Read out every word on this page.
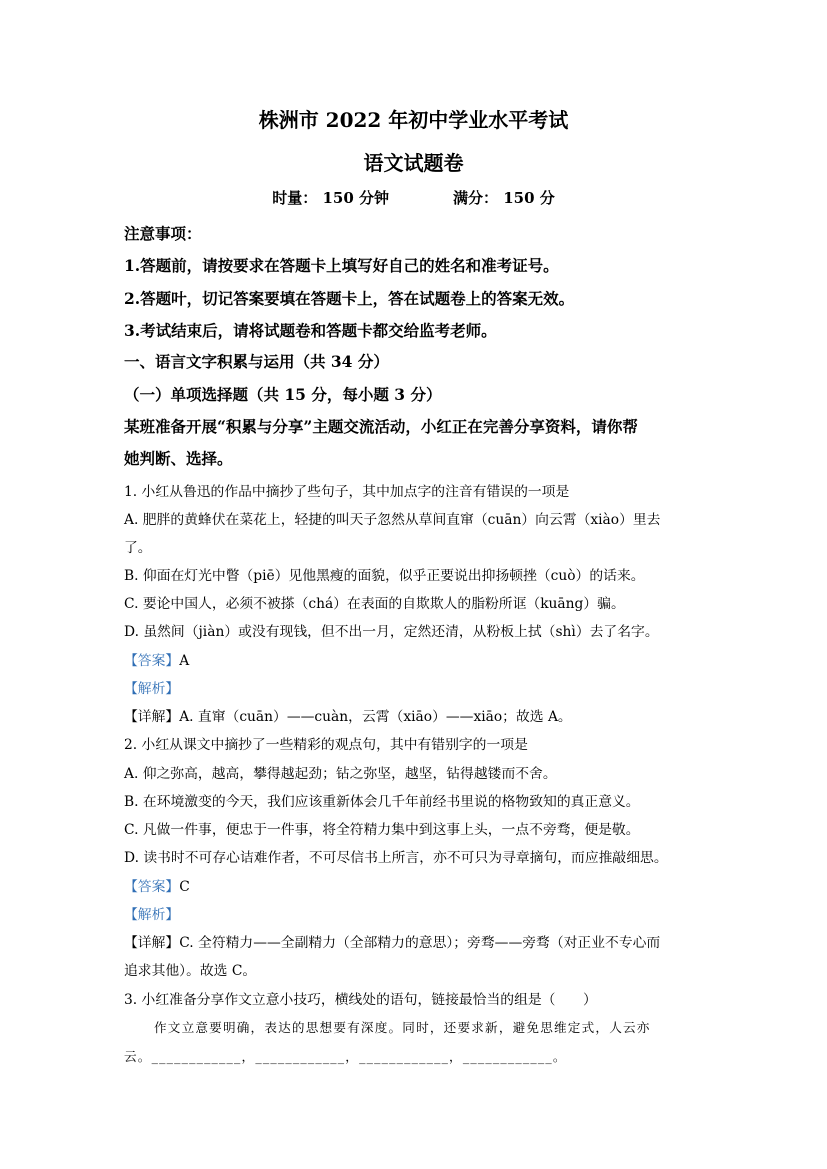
株洲市 2022 年初中学业水平考试
语文试题卷
时量： 150 分钟	满分： 150 分
注意事项：
1.答题前，请按要求在答题卡上填写好自己的姓名和准考证号。
2.答题叶，切记答案要填在答题卡上，答在试题卷上的答案无效。
3.考试结束后，请将试题卷和答题卡都交给监考老师。
一、语言文字积累与运用（共 34 分）
（一）单项选择题（共 15 分，每小题 3 分）
某班准备开展“积累与分享”主题交流活动，小红正在完善分享资料，请你帮
她判断、选择。
1. 小红从鲁迅的作品中摘抄了些句子，其中加点字的注音有错误的一项是
A. 肥胖的黄蜂伏在菜花上，轻捷的叫天子忽然从草间直窜（cuān）向云霄（xiào）里去
了。
B. 仰面在灯光中瞥（piē）见他黑瘦的面貌，似乎正要说出抑扬顿挫（cuò）的话来。
C. 要论中国人，必须不被搽（chá）在表面的自欺欺人的脂粉所诓（kuāng）骗。
D. 虽然间（jiàn）或没有现钱，但不出一月，定然还清，从粉板上拭（shì）去了名字。
【答案】A
【解析】
【详解】A. 直窜（cuān）——cuàn，云霄（xiāo）——xiāo；故选 A。
2. 小红从课文中摘抄了一些精彩的观点句，其中有错别字的一项是
A. 仰之弥高，越高，攀得越起劲；钻之弥坚，越坚，钻得越镂而不舍。
B. 在环境激变的今天，我们应该重新体会几千年前经书里说的格物致知的真正意义。
C. 凡做一件事，便忠于一件事，将全符精力集中到这事上头，一点不旁骛，便是敬。
D. 读书时不可存心诘难作者，不可尽信书上所言，亦不可只为寻章摘句，而应推敲细思。
【答案】C
【解析】
【详解】C. 全符精力——全副精力（全部精力的意思）；旁骛——旁骛（对正业不专心而
追求其他）。故选 C。
3. 小红准备分享作文立意小技巧，横线处的语句，链接最恰当的组是（　　）
作文立意要明确，表达的思想要有深度。同时，还要求新，避免思维定式，人云亦
云。____________，____________，____________，____________。
